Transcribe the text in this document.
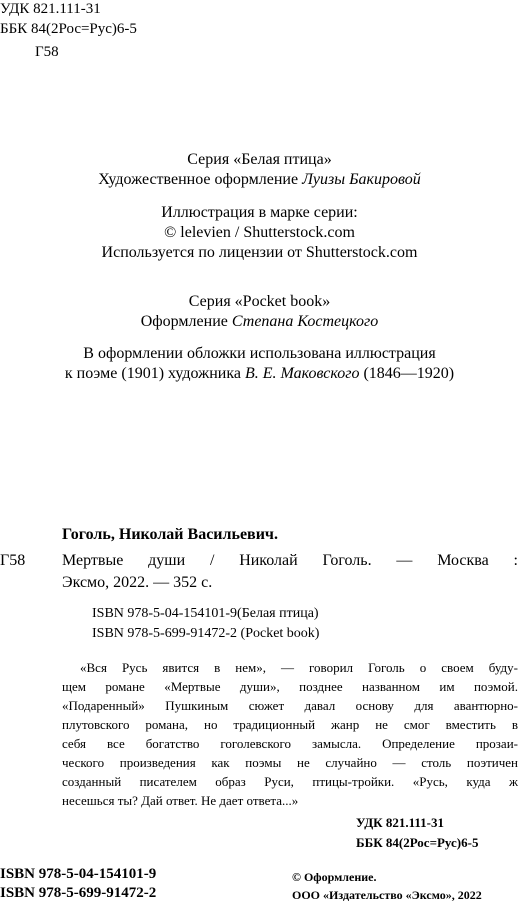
УДК 821.111-31
ББК 84(2Рос=Рус)6-5
Г58
Серия «Белая птица»
Художественное оформление Луизы Бакировой
Иллюстрация в марке серии:
© lelevien / Shutterstock.com
Используется по лицензии от Shutterstock.com
Серия «Pocket book»
Оформление Степана Костецкого
В оформлении обложки использована иллюстрация
к поэме (1901) художника В. Е. Маковского (1846—1920)
Гоголь, Николай Васильевич.
Г58 Мертвые души / Николай Гоголь. — Москва :
Эксмо, 2022. — 352 с.
ISBN 978-5-04-154101-9(Белая птица)
ISBN 978-5-699-91472-2 (Pocket book)
«Вся Русь явится в нем», — говорил Гоголь о своем буду-
щем романе «Мертвые души», позднее названном им поэмой.
«Подаренный» Пушкиным сюжет давал основу для авантюрно-
плутовского романа, но традиционный жанр не смог вместить в
себя все богатство гоголевского замысла. Определение прозаи-
ческого произведения как поэмы не случайно — столь поэтичен
созданный писателем образ Руси, птицы-тройки. «Русь, куда ж
несешься ты? Дай ответ. Не дает ответа...»
УДК 821.111-31
ББК 84(2Рос=Рус)6-5
ISBN 978-5-04-154101-9
ISBN 978-5-699-91472-2
© Оформление.
ООО «Издательство «Эксмо», 2022
